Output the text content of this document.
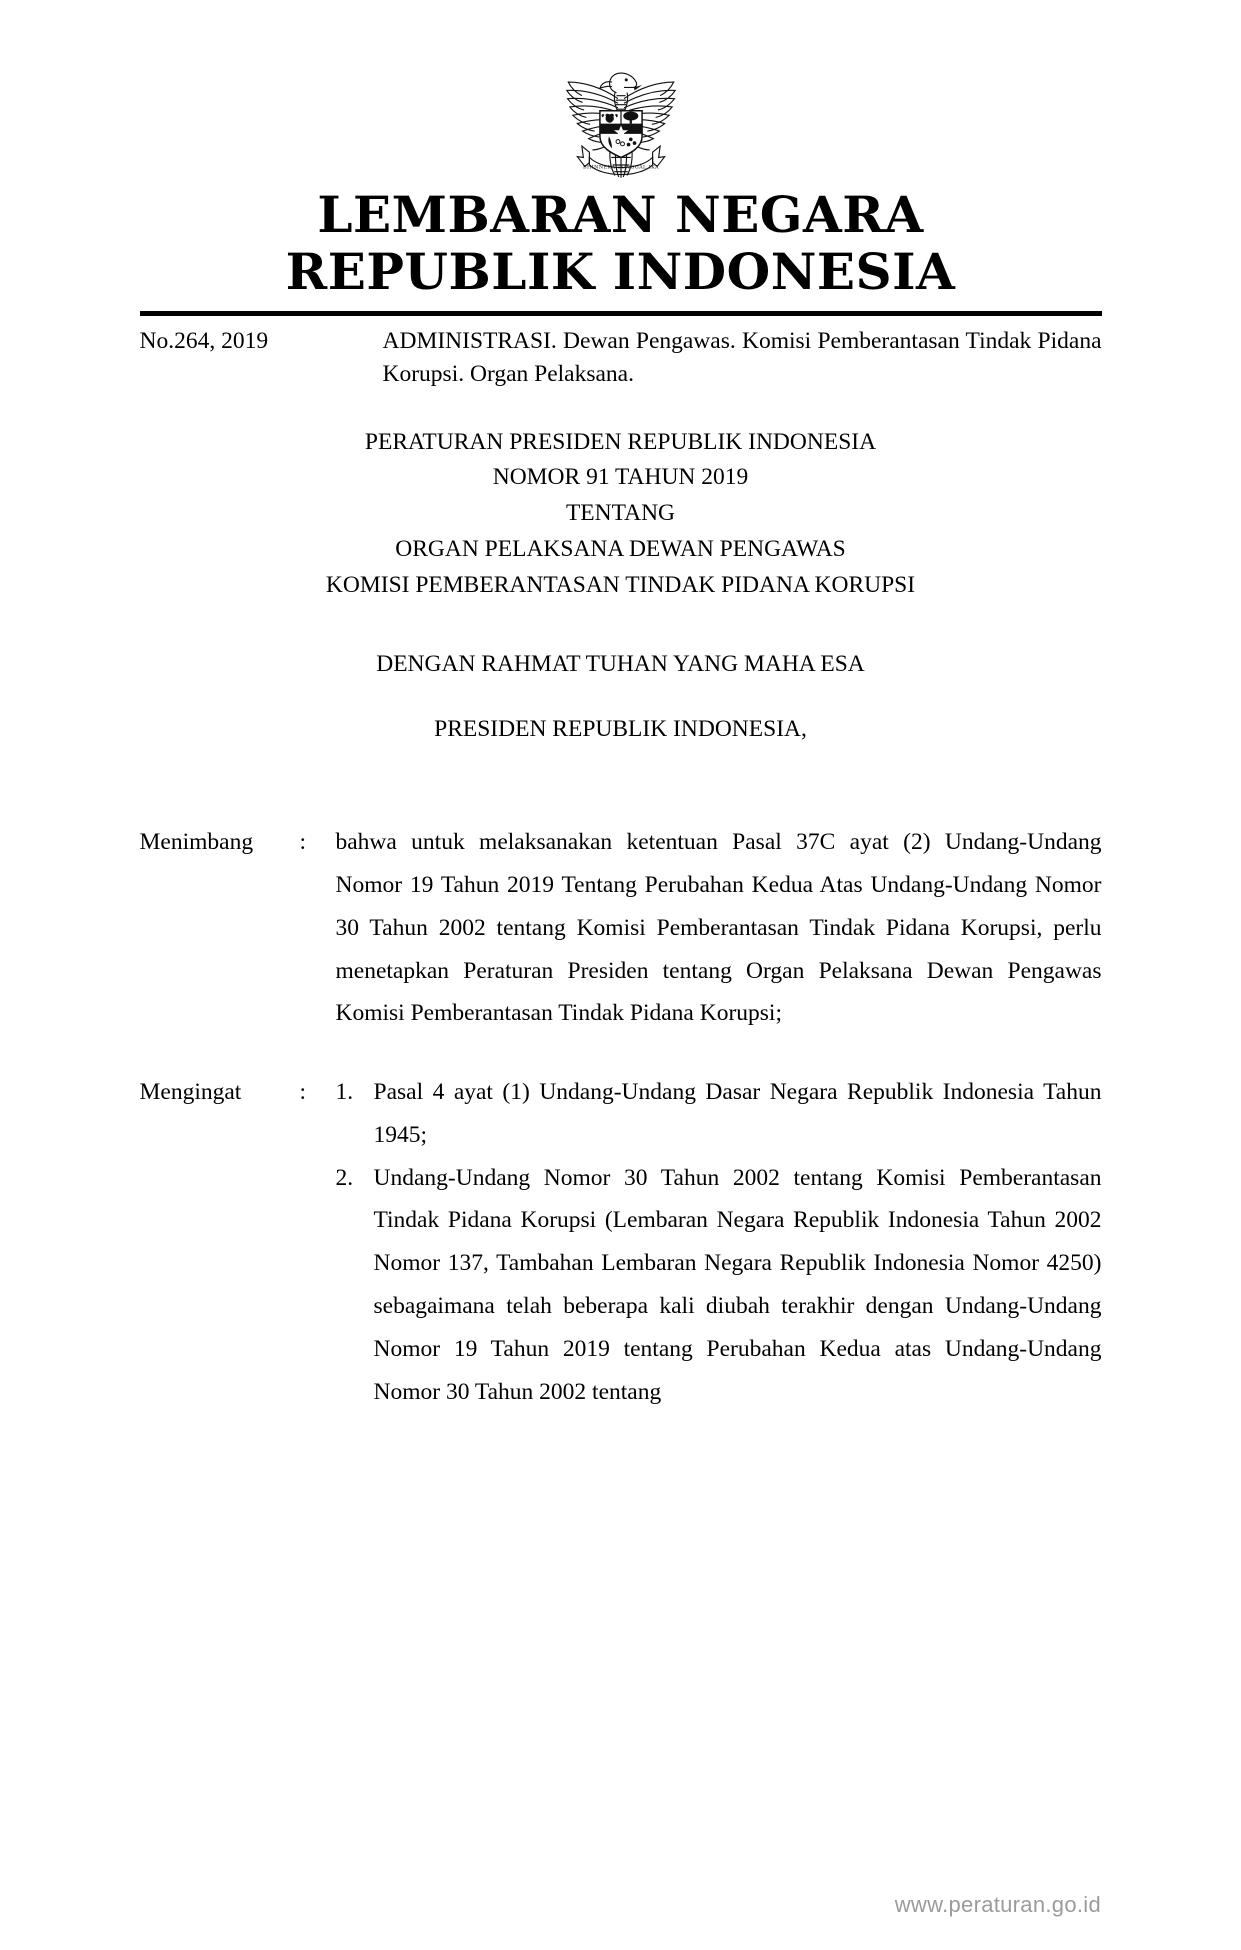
BHINNEKA TUNGGAL IKA
LEMBARAN NEGARA
REPUBLIK INDONESIA
No.264, 2019	ADMINISTRASI. Dewan Pengawas. Komisi Pemberantasan Tindak Pidana Korupsi. Organ Pelaksana.
PERATURAN PRESIDEN REPUBLIK INDONESIA
NOMOR 91 TAHUN 2019
TENTANG
ORGAN PELAKSANA DEWAN PENGAWAS
KOMISI PEMBERANTASAN TINDAK PIDANA KORUPSI
DENGAN RAHMAT TUHAN YANG MAHA ESA
PRESIDEN REPUBLIK INDONESIA,
Menimbang	:	bahwa untuk melaksanakan ketentuan Pasal 37C ayat (2) Undang-Undang Nomor 19 Tahun 2019 Tentang Perubahan Kedua Atas Undang-Undang Nomor 30 Tahun 2002 tentang Komisi Pemberantasan Tindak Pidana Korupsi, perlu menetapkan Peraturan Presiden tentang Organ Pelaksana Dewan Pengawas Komisi Pemberantasan Tindak Pidana Korupsi;
Mengingat	:	1. Pasal 4 ayat (1) Undang-Undang Dasar Negara Republik Indonesia Tahun 1945;
2. Undang-Undang Nomor 30 Tahun 2002 tentang Komisi Pemberantasan Tindak Pidana Korupsi (Lembaran Negara Republik Indonesia Tahun 2002 Nomor 137, Tambahan Lembaran Negara Republik Indonesia Nomor 4250) sebagaimana telah beberapa kali diubah terakhir dengan Undang-Undang Nomor 19 Tahun 2019 tentang Perubahan Kedua atas Undang-Undang Nomor 30 Tahun 2002 tentang
www.peraturan.go.id
